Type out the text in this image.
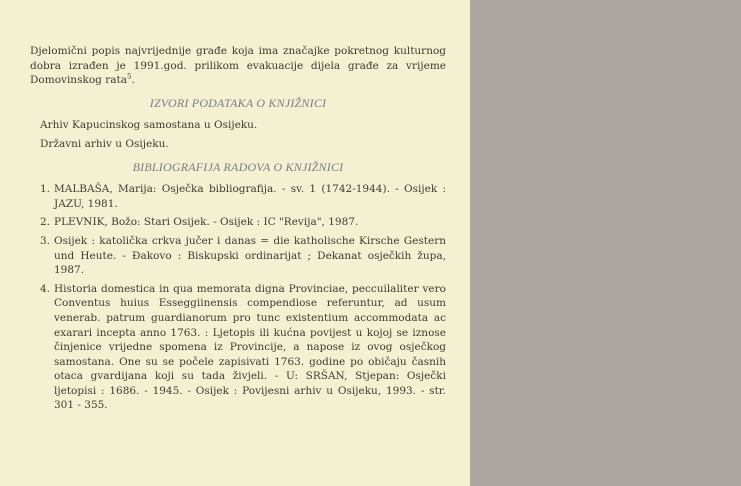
Djelomični popis najvrijednije građe koja ima značajke pokretnog kulturnog dobra izrađen je 1991.god. prilikom evakuacije dijela građe za vrijeme Domovinskog rata$^5$.

IZVORI PODATAKA O KNJIŽNICI
Arhiv Kapucinskog samostana u Osijeku.
Državni arhiv u Osijeku.
BIBLIOGRAFIJA RADOVA O KNJIŽNICI
1. MALBAŠA, Marija: Osječka bibliografija. - sv. 1 (1742-1944). - Osijek : JAZU, 1981.
2. PLEVNIK, Božo: Stari Osijek. - Osijek : IC "Revija", 1987.
3. Osijek : katolička crkva jučer i danas = die katholische Kirsche Gestern und Heute. - Đakovo : Biskupski ordinarijat ; Dekanat osječkih župa, 1987.
4. Historia domestica in qua memorata digna Provinciae, peccuilaliter vero Conventus huius Esseggiinensis compendiose referuntur, ad usum venerab. patrum guardianorum pro tunc existentium accommodata ac exarari incepta anno 1763. : Ljetopis ili kućna povijest u kojoj se iznose činjenice vrijedne spomena iz Provincije, a napose iz ovog osječkog samostana. One su se počele zapisivati 1763. godine po običaju časnih otaca gvardijana koji su tada živjeli. - U: SRŠAN, Stjepan: Osječki ljetopisi : 1686. - 1945. - Osijek : Povijesni arhiv u Osijeku, 1993. - str. 301 - 355.
